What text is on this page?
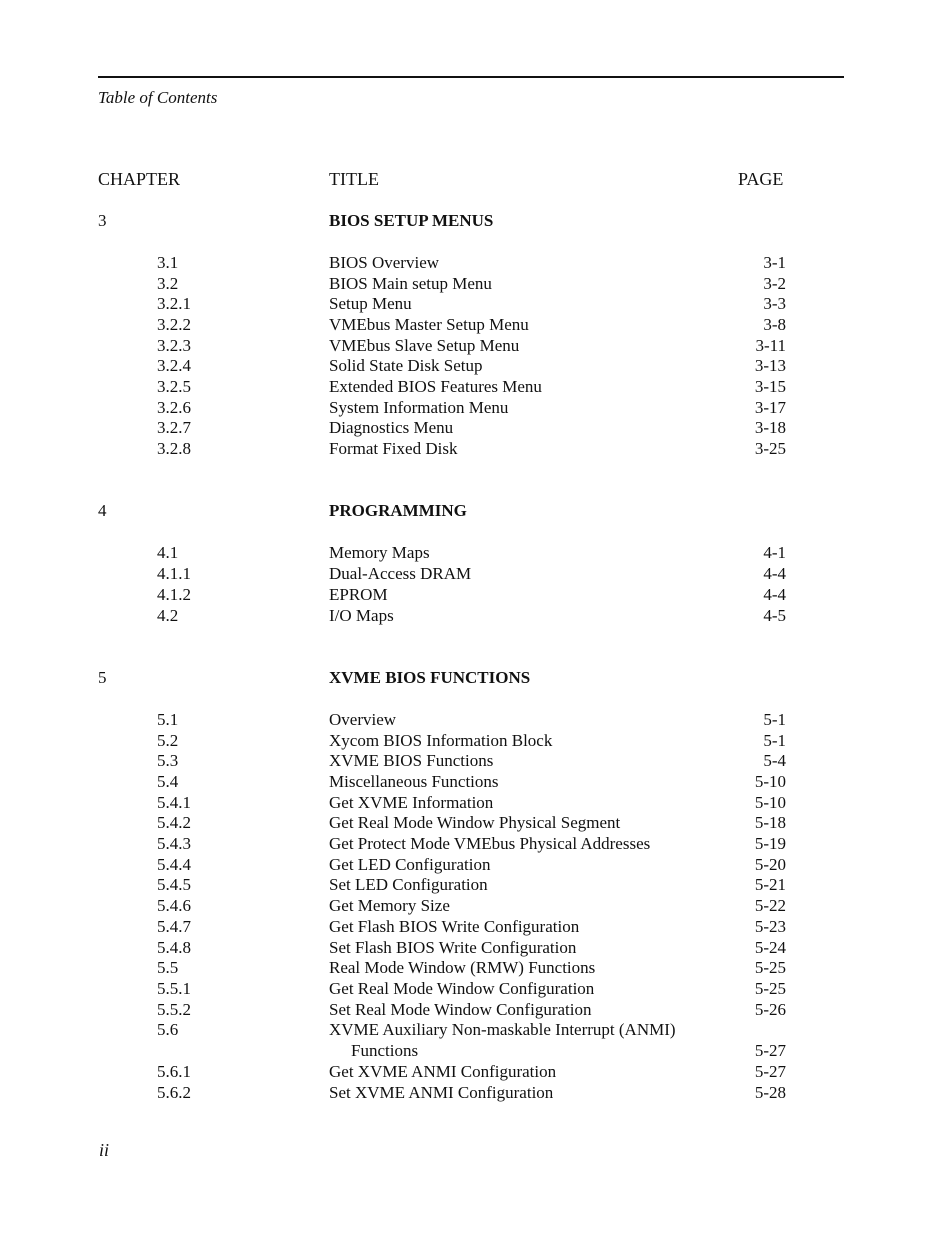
Table of Contents
CHAPTER	TITLE	PAGE
3	BIOS SETUP MENUS
3.1	BIOS Overview	3-1
3.2	BIOS Main setup Menu	3-2
3.2.1	Setup Menu	3-3
3.2.2	VMEbus Master Setup Menu	3-8
3.2.3	VMEbus Slave Setup Menu	3-11
3.2.4	Solid State Disk Setup	3-13
3.2.5	Extended BIOS Features Menu	3-15
3.2.6	System Information Menu	3-17
3.2.7	Diagnostics Menu	3-18
3.2.8	Format Fixed Disk	3-25
4	PROGRAMMING
4.1	Memory Maps	4-1
4.1.1	Dual-Access DRAM	4-4
4.1.2	EPROM	4-4
4.2	I/O Maps	4-5
5	XVME BIOS FUNCTIONS
5.1	Overview	5-1
5.2	Xycom BIOS Information Block	5-1
5.3	XVME BIOS Functions	5-4
5.4	Miscellaneous Functions	5-10
5.4.1	Get XVME Information	5-10
5.4.2	Get Real Mode Window Physical Segment	5-18
5.4.3	Get Protect Mode VMEbus Physical Addresses	5-19
5.4.4	Get LED Configuration	5-20
5.4.5	Set LED Configuration	5-21
5.4.6	Get Memory Size	5-22
5.4.7	Get Flash BIOS Write Configuration	5-23
5.4.8	Set Flash BIOS Write Configuration	5-24
5.5	Real Mode Window (RMW) Functions	5-25
5.5.1	Get Real Mode Window Configuration	5-25
5.5.2	Set Real Mode Window Configuration	5-26
5.6	XVME Auxiliary Non-maskable Interrupt (ANMI)
Functions	5-27
5.6.1	Get XVME ANMI Configuration	5-27
5.6.2	Set XVME ANMI Configuration	5-28
ii
